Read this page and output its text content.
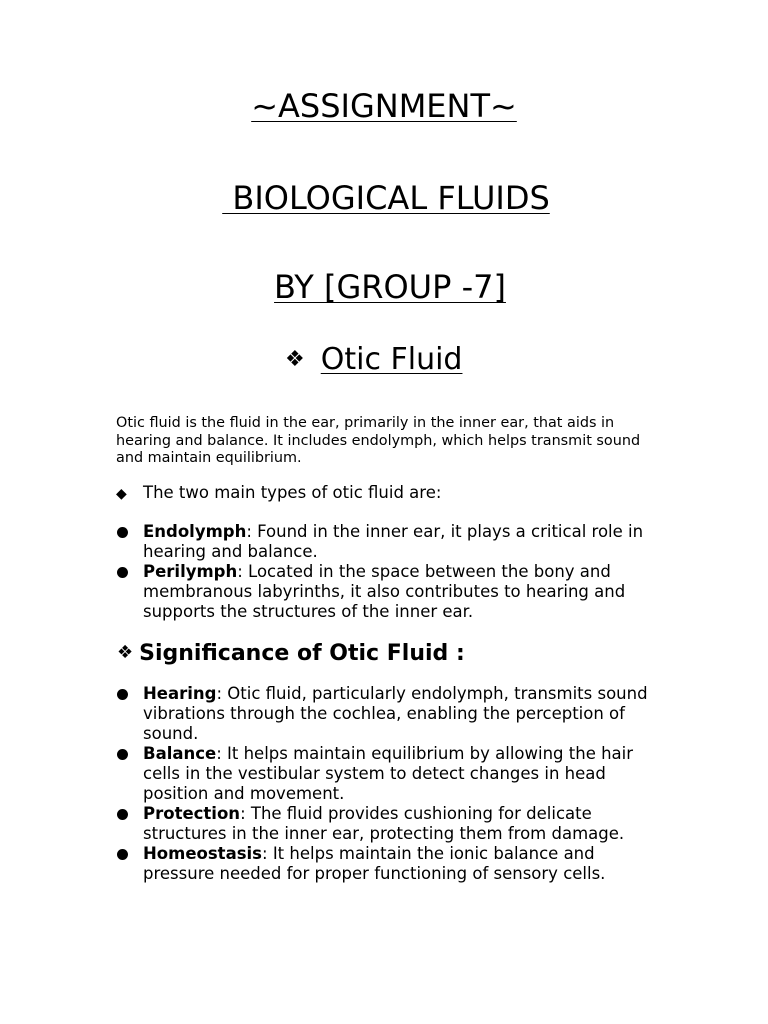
~ASSIGNMENT~
BIOLOGICAL FLUIDS
BY [GROUP -7]
❖ Otic Fluid
Otic fluid is the fluid in the ear, primarily in the inner ear, that aids in hearing and balance. It includes endolymph, which helps transmit sound and maintain equilibrium.
◆ The two main types of otic fluid are:
Endolymph: Found in the inner ear, it plays a critical role in hearing and balance.
Perilymph: Located in the space between the bony and membranous labyrinths, it also contributes to hearing and supports the structures of the inner ear.
❖ Significance of Otic Fluid :
Hearing: Otic fluid, particularly endolymph, transmits sound vibrations through the cochlea, enabling the perception of sound.
Balance: It helps maintain equilibrium by allowing the hair cells in the vestibular system to detect changes in head position and movement.
Protection: The fluid provides cushioning for delicate structures in the inner ear, protecting them from damage.
Homeostasis: It helps maintain the ionic balance and pressure needed for proper functioning of sensory cells.
